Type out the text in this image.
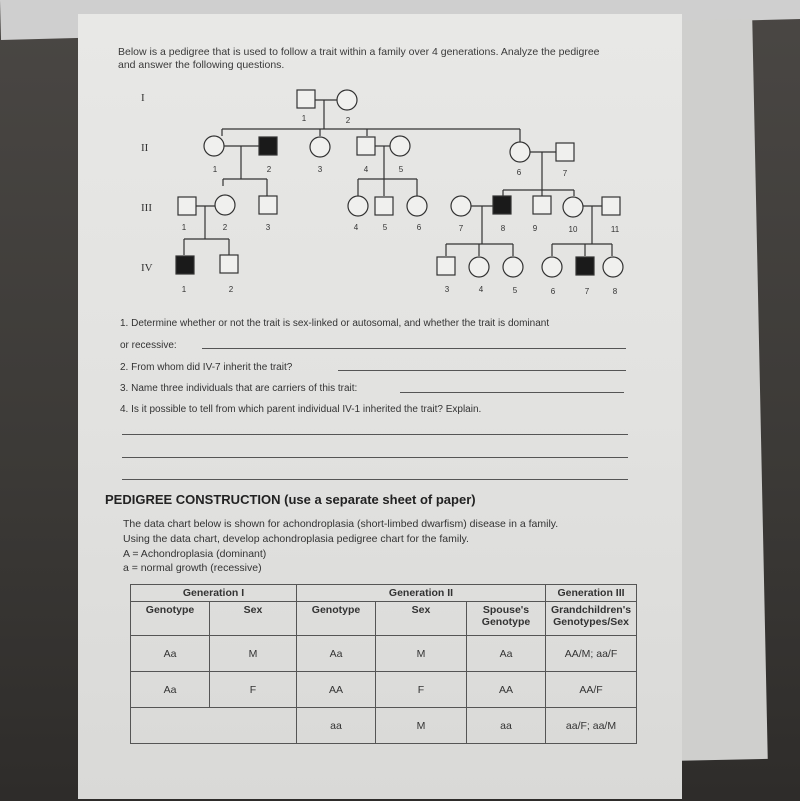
Below is a pedigree that is used to follow a trait within a family over 4 generations. Analyze the pedigree and answer the following questions.
I
II
III
IV
1	2
1	2	3	4	5	6	7
1	2	3	4	5	6	7	8	9	10	11
1	2	3	4	5	6	7	8
1. Determine whether or not the trait is sex-linked or autosomal, and whether the trait is dominant
or recessive:
2. From whom did IV-7 inherit the trait?
3. Name three individuals that are carriers of this trait:
4. Is it possible to tell from which parent individual IV-1 inherited the trait? Explain.
PEDIGREE CONSTRUCTION (use a separate sheet of paper)
The data chart below is shown for achondroplasia (short-limbed dwarfism) disease in a family.
Using the data chart, develop achondroplasia pedigree chart for the family.
A = Achondroplasia (dominant)
a = normal growth (recessive)
Generation I		Generation II			Generation III
Genotype	Sex	Genotype	Sex	Spouse's Genotype	Grandchildren's Genotypes/Sex
Aa	M	Aa	M	Aa	AA/M; aa/F
Aa	F	AA	F	AA	AA/F
		aa	M	aa	aa/F; aa/M
